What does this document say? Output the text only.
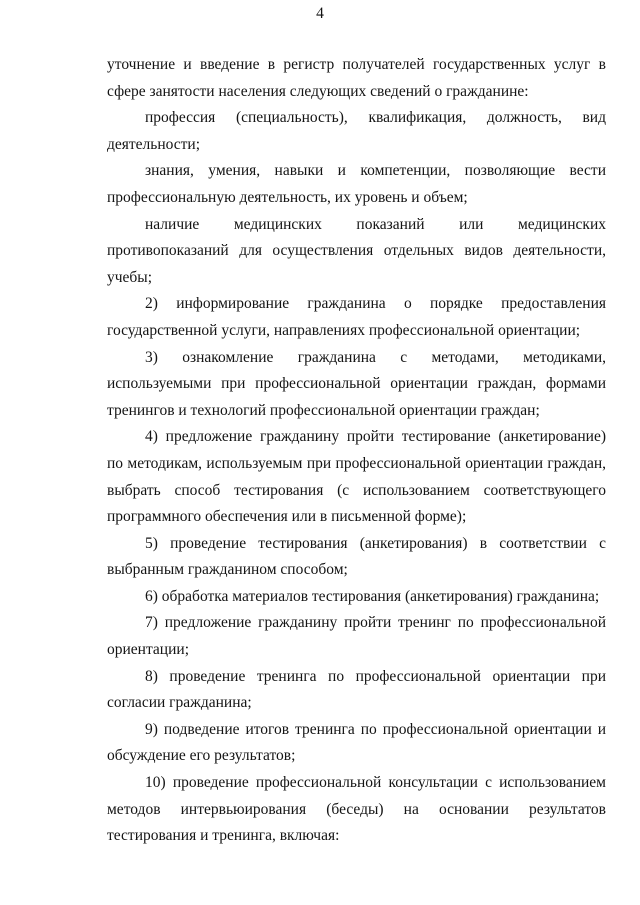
4

уточнение и введение в регистр получателей государственных услуг в сфере занятости населения следующих сведений о гражданине:

профессия (специальность), квалификация, должность, вид деятельности;

знания, умения, навыки и компетенции, позволяющие вести профессиональную деятельность, их уровень и объем;

наличие медицинских показаний или медицинских противопоказаний для осуществления отдельных видов деятельности, учебы;

2) информирование гражданина о порядке предоставления государственной услуги, направлениях профессиональной ориентации;

3) ознакомление гражданина с методами, методиками, используемыми при профессиональной ориентации граждан, формами тренингов и технологий профессиональной ориентации граждан;

4) предложение гражданину пройти тестирование (анкетирование) по методикам, используемым при профессиональной ориентации граждан, выбрать способ тестирования (с использованием соответствующего программного обеспечения или в письменной форме);

5) проведение тестирования (анкетирования) в соответствии с выбранным гражданином способом;

6) обработка материалов тестирования (анкетирования) гражданина;

7) предложение гражданину пройти тренинг по профессиональной ориентации;

8) проведение тренинга по профессиональной ориентации при согласии гражданина;

9) подведение итогов тренинга по профессиональной ориентации и обсуждение его результатов;

10) проведение профессиональной консультации с использованием методов интервьюирования (беседы) на основании результатов тестирования и тренинга, включая:
